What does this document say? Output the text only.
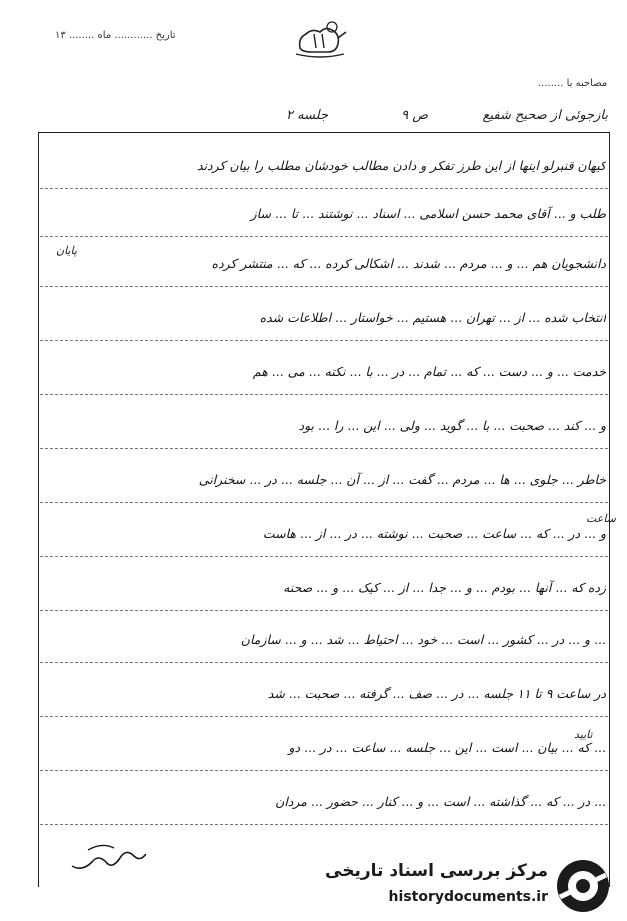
تاریخ ............ ماه ........ ۱۳
مصاحبه با ........
بازجوئی از صحیح شفیع
ص ۹
جلسه ۲
کیهان قنبرلو اینها از این طرز تفکر و دادن مطالب خودشان مطلب را بیان کردند
طلب و ... آقای محمد حسن اسلامی ... اسناد ... نوشتند ... تا ... ساز
دانشجویان هم ... و ... مردم ... شدند ... اشکالی کرده ... که ... منتشر کرده
انتخاب شده ... از ... تهران ... هستیم ... خواستار ... اطلاعات شده
خدمت ... و ... دست ... که ... تمام ... در ... با ... نکته ... می ... هم
و ... کند ... صحبت ... با ... گوید ... ولی ... این ... را ... بود
خاطر ... جلوی ... ها ... مردم ... گفت ... از ... آن ... جلسه ... در ... سخنرانی
و ... در ... که ... ساعت ... صحبت ... نوشته ... در ... از ... هاست
زده که ... آنها ... بودم ... و ... جدا ... از ... کیک ... و ... صحنه
... و ... در ... کشور ... است ... خود ... احتیاط ... شد ... و ... سازمان
در ساعت ۹ تا ۱۱ جلسه ... در ... صف ... گرفته ... صحبت ... شد
... که ... بیان ... است ... این ... جلسه ... ساعت ... در ... دو
... در ... که ... گذاشته ... است ... و ... کنار ... حضور ... مردان
پایان
ساعت
تایید
مرکز بررسی اسناد تاریخی
historydocuments.ir
